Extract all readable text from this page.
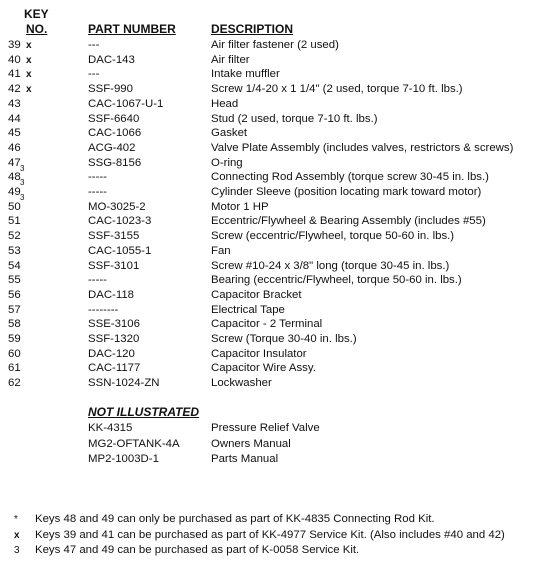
KEY
NO.	PART NUMBER	DESCRIPTION
39 x	---	Air filter fastener (2 used)
40 x	DAC-143	Air filter
41 x	---	Intake muffler
42 x	SSF-990	Screw 1/4-20 x 1 1/4" (2 used, torque 7-10 ft. lbs.)
43	CAC-1067-U-1	Head
44	SSF-6640	Stud (2 used, torque 7-10 ft. lbs.)
45	CAC-1066	Gasket
46	ACG-402	Valve Plate Assembly (includes valves, restrictors & screws)
47 3	SSG-8156	O-ring
48 3	-----	Connecting Rod Assembly (torque screw 30-45 in. lbs.)
49 3	-----	Cylinder Sleeve (position locating mark toward motor)
50	MO-3025-2	Motor 1 HP
51	CAC-1023-3	Eccentric/Flywheel & Bearing Assembly (includes #55)
52	SSF-3155	Screw (eccentric/Flywheel, torque 50-60 in. lbs.)
53	CAC-1055-1	Fan
54	SSF-3101	Screw #10-24 x 3/8" long (torque 30-45 in. lbs.)
55	-----	Bearing (eccentric/Flywheel, torque 50-60 in. lbs.)
56	DAC-118	Capacitor Bracket
57	--------	Electrical Tape
58	SSE-3106	Capacitor - 2 Terminal
59	SSF-1320	Screw (Torque 30-40 in. lbs.)
60	DAC-120	Capacitor Insulator
61	CAC-1177	Capacitor Wire Assy.
62	SSN-1024-ZN	Lockwasher
NOT ILLUSTRATED
KK-4315	Pressure Relief Valve
MG2-OFTANK-4A	Owners Manual
MP2-1003D-1	Parts Manual
* Keys 48 and 49 can only be purchased as part of KK-4835 Connecting Rod Kit.
x Keys 39 and 41 can be purchased as part of KK-4977 Service Kit. (Also includes #40 and 42)
3 Keys 47 and 49 can be purchased as part of K-0058 Service Kit.
